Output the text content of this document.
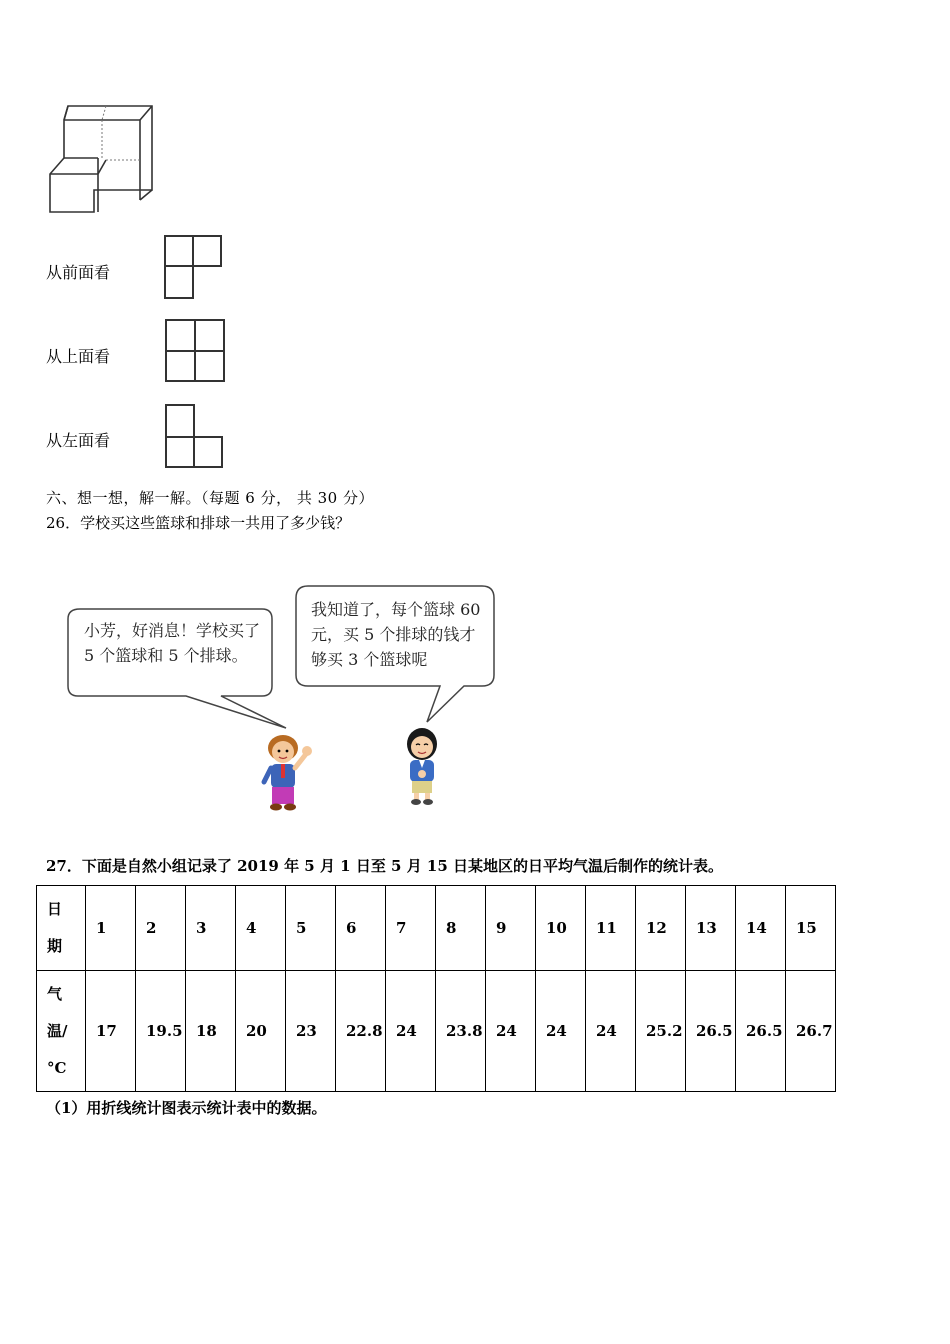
从前面看
从上面看
从左面看
六、想一想，解一解。（每题 6 分， 共 30 分）
26．学校买这些篮球和排球一共用了多少钱？
小芳，好消息！学校买了
5 个篮球和 5 个排球。
我知道了，每个篮球 60
元，买 5 个排球的钱才
够买 3 个篮球呢
27．下面是自然小组记录了 2019 年 5 月 1 日至 5 月 15 日某地区的日平均气温后制作的统计表。
日
期	1	2	3	4	5	6	7	8	9	10	11	12	13	14	15
气
温/
°C	17	19.5	18	20	23	22.8	24	23.8	24	24	24	25.2	26.5	26.5	26.7
（1）用折线统计图表示统计表中的数据。
